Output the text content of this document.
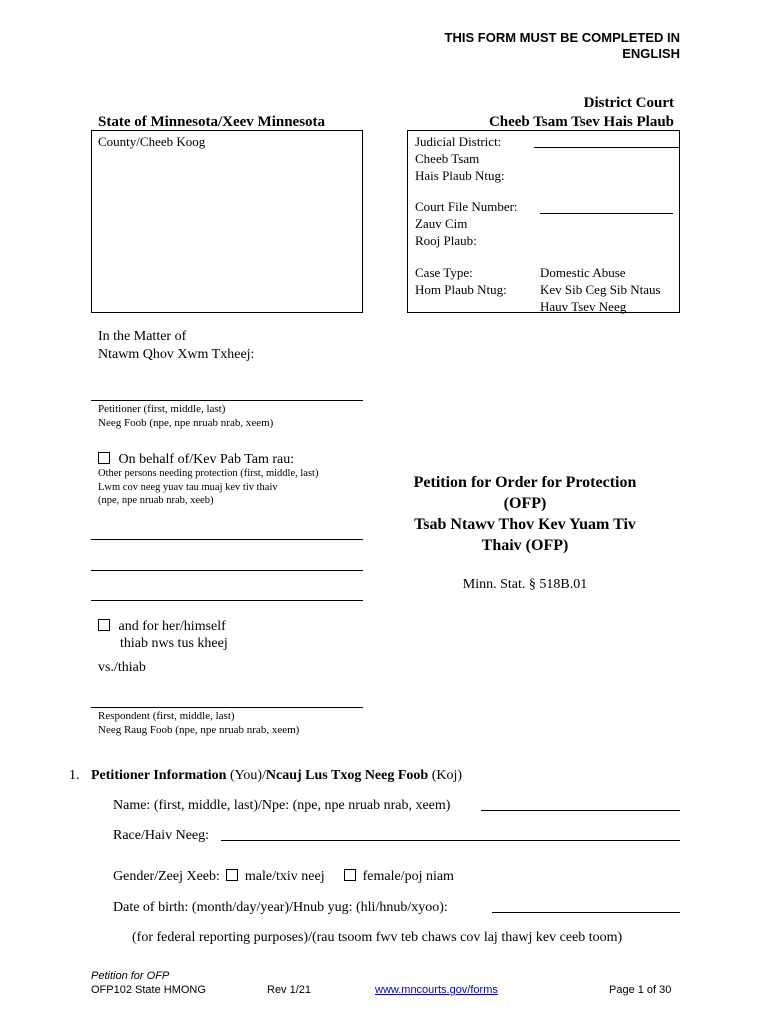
THIS FORM MUST BE COMPLETED IN
ENGLISH
State of Minnesota/Xeev Minnesota
District Court
Cheeb Tsam Tsev Hais Plaub
County/Cheeb Koog	Judicial District:
Cheeb Tsam
Hais Plaub Ntug:
Court File Number:
Zauv Cim
Rooj Plaub:
Case Type:
Hom Plaub Ntug:
Domestic Abuse
Kev Sib Ceg Sib Ntaus
Hauv Tsev Neeg
In the Matter of
Ntawm Qhov Xwm Txheej:
Petitioner (first, middle, last)
Neeg Foob (npe, npe nruab nrab, xeem)
On behalf of/Kev Pab Tam rau:
Other persons needing protection (first, middle, last)
Lwm cov neeg yuav tau muaj kev tiv thaiv
(npe, npe nruab nrab, xeeb)
and for her/himself
thiab nws tus kheej
vs./thiab
Respondent (first, middle, last)
Neeg Raug Foob (npe, npe nruab nrab, xeem)
Petition for Order for Protection
(OFP)
Tsab Ntawv Thov Kev Yuam Tiv
Thaiv (OFP)
Minn. Stat. § 518B.01
1. Petitioner Information (You)/Ncauj Lus Txog Neeg Foob (Koj)
Name: (first, middle, last)/Npe: (npe, npe nruab nrab, xeem)
Race/Haiv Neeg:
Gender/Zeej Xeeb: male/txiv neej	female/poj niam
Date of birth: (month/day/year)/Hnub yug: (hli/hnub/xyoo):
(for federal reporting purposes)/(rau tsoom fwv teb chaws cov laj thawj kev ceeb toom)
Petition for OFP
OFP102 State HMONG	Rev 1/21	www.mncourts.gov/forms	Page 1 of 30
